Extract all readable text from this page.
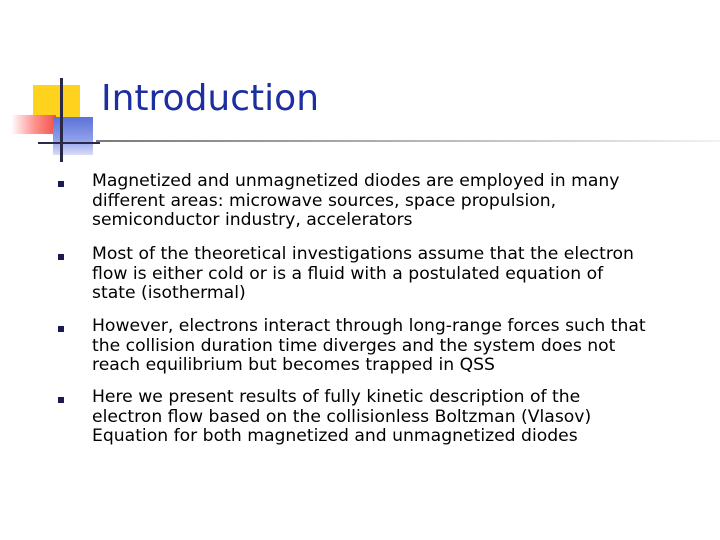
Introduction

Magnetized and unmagnetized diodes are employed in many
different areas: microwave sources, space propulsion,
semiconductor industry, accelerators

Most of the theoretical investigations assume that the electron
flow is either cold or is a fluid with a postulated equation of
state (isothermal)

However, electrons interact through long-range forces such that
the collision duration time diverges and the system does not
reach equilibrium but becomes trapped in QSS

Here we present results of fully kinetic description of the
electron flow based on the collisionless Boltzman (Vlasov)
Equation for both magnetized and unmagnetized diodes
